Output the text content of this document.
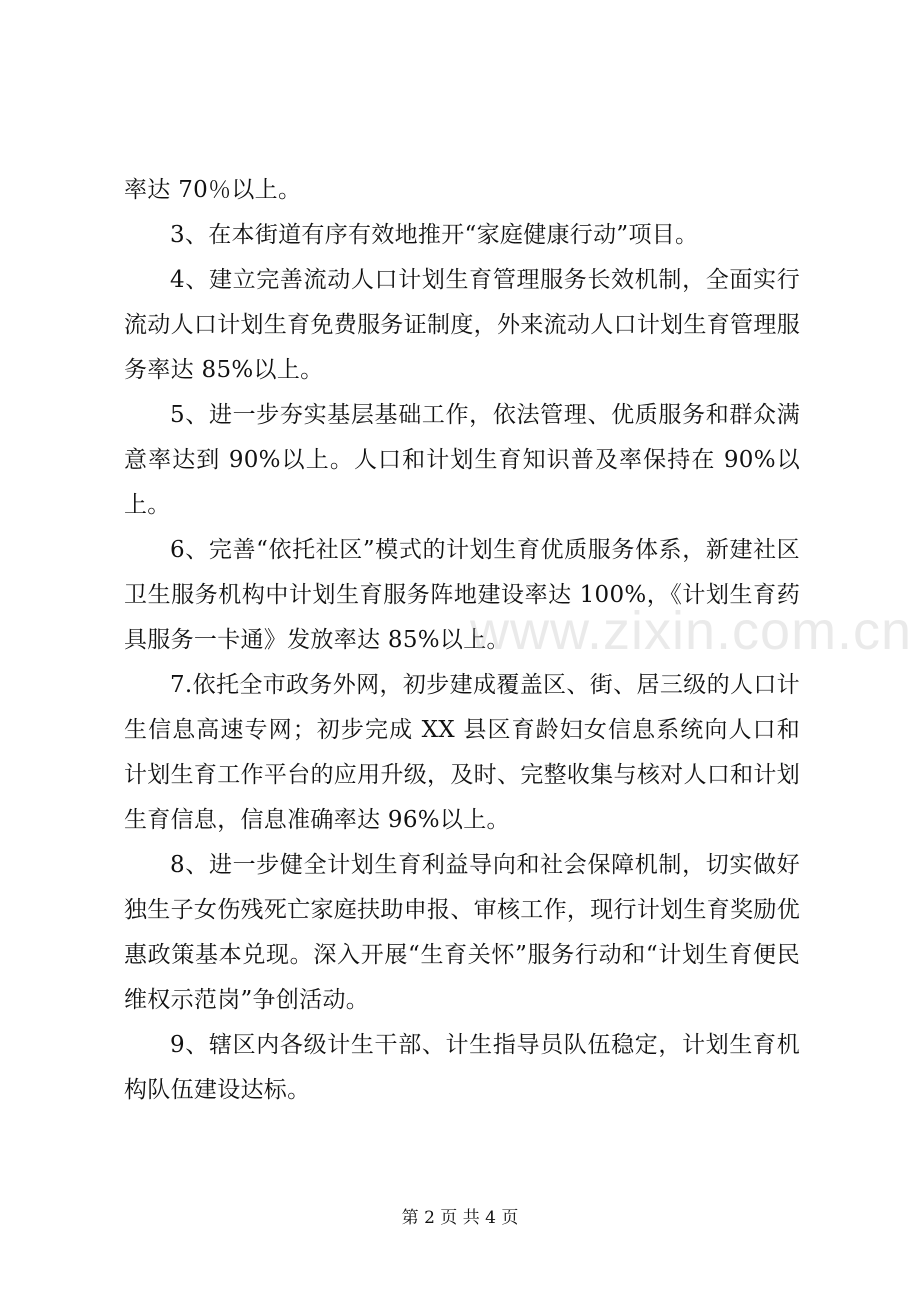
率达 70％以上。

3、在本街道有序有效地推开“家庭健康行动”项目。

4、建立完善流动人口计划生育管理服务长效机制，全面实行流动人口计划生育免费服务证制度，外来流动人口计划生育管理服务率达 85%以上。

5、进一步夯实基层基础工作，依法管理、优质服务和群众满意率达到 90%以上。人口和计划生育知识普及率保持在 90%以上。

6、完善“依托社区”模式的计划生育优质服务体系，新建社区卫生服务机构中计划生育服务阵地建设率达 100%，《计划生育药具服务一卡通》发放率达 85%以上。

7.依托全市政务外网，初步建成覆盖区、街、居三级的人口计生信息高速专网；初步完成 XX 县区育龄妇女信息系统向人口和计划生育工作平台的应用升级，及时、完整收集与核对人口和计划生育信息，信息准确率达 96%以上。

8、进一步健全计划生育利益导向和社会保障机制，切实做好独生子女伤残死亡家庭扶助申报、审核工作，现行计划生育奖励优惠政策基本兑现。深入开展“生育关怀”服务行动和“计划生育便民维权示范岗”争创活动。

9、辖区内各级计生干部、计生指导员队伍稳定，计划生育机构队伍建设达标。

www.zixin.com.cn
第 2 页 共 4 页
